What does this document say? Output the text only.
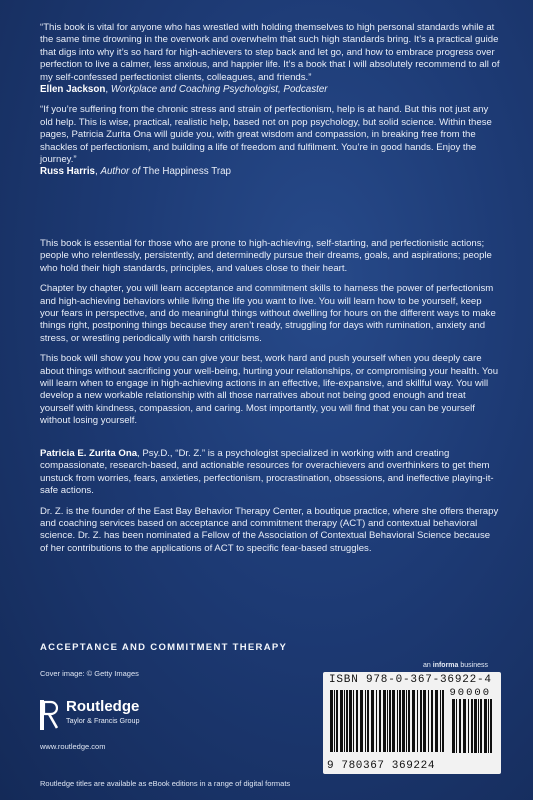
“This book is vital for anyone who has wrestled with holding themselves to high personal standards while at the same time drowning in the overwork and overwhelm that such high standards bring. It’s a practical guide that digs into why it’s so hard for high-achievers to step back and let go, and how to embrace progress over perfection to live a calmer, less anxious, and happier life. It’s a book that I will absolutely recommend to all of my self-confessed perfectionist clients, colleagues, and friends.”

Ellen Jackson, Workplace and Coaching Psychologist, Podcaster

“If you’re suffering from the chronic stress and strain of perfectionism, help is at hand. But this not just any old help. This is wise, practical, realistic help, based not on pop psychology, but solid science. Within these pages, Patricia Zurita Ona will guide you, with great wisdom and compassion, in breaking free from the shackles of perfectionism, and building a life of freedom and fulfilment. You’re in good hands. Enjoy the journey.”

Russ Harris, Author of The Happiness Trap

This book is essential for those who are prone to high-achieving, self-starting, and perfectionistic actions; people who relentlessly, persistently, and determinedly pursue their dreams, goals, and aspirations; people who hold their high standards, principles, and values close to their heart.

Chapter by chapter, you will learn acceptance and commitment skills to harness the power of perfectionism and high-achieving behaviors while living the life you want to live. You will learn how to be yourself, keep your fears in perspective, and do meaningful things without dwelling for hours on the different ways to make things right, postponing things because they aren’t ready, struggling for days with rumination, anxiety and stress, or wrestling periodically with harsh criticisms.

This book will show you how you can give your best, work hard and push yourself when you deeply care about things without sacrificing your well-being, hurting your relationships, or compromising your health. You will learn when to engage in high-achieving actions in an effective, life-expansive, and skillful way. You will develop a new workable relationship with all those narratives about not being good enough and treat yourself with kindness, compassion, and caring. Most importantly, you will find that you can be yourself without losing yourself.

Patricia E. Zurita Ona, Psy.D., “Dr. Z.” is a psychologist specialized in working with and creating compassionate, research-based, and actionable resources for overachievers and overthinkers to get them unstuck from worries, fears, anxieties, perfectionism, procrastination, obsessions, and ineffective playing-it-safe actions.

Dr. Z. is the founder of the East Bay Behavior Therapy Center, a boutique practice, where she offers therapy and coaching services based on acceptance and commitment therapy (ACT) and contextual behavioral science. Dr. Z. has been nominated a Fellow of the Association of Contextual Behavioral Science because of her contributions to the applications of ACT to specific fear-based struggles.

ACCEPTANCE AND COMMITMENT THERAPY
Cover image: © Getty Images
Routledge
Taylor & Francis Group
www.routledge.com
an informa business
ISBN 978-0-367-36922-4
90000
9 780367 369224
Routledge titles are available as eBook editions in a range of digital formats
